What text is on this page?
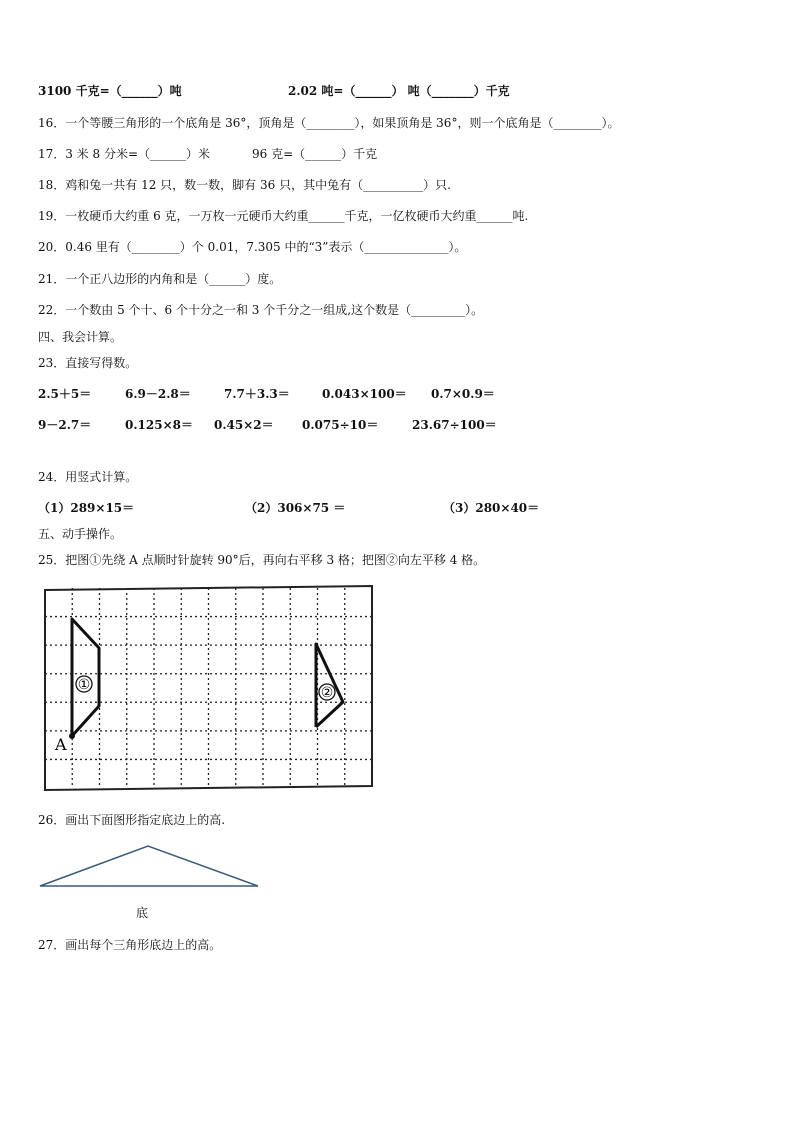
3100 千克=（______）吨	2.02 吨=（______） 吨（_______）千克
16．一个等腰三角形的一个底角是 36°，顶角是（________），如果顶角是 36°，则一个底角是（________）。
17．3 米 8 分米=（______）米	96 克=（______）千克
18．鸡和兔一共有 12 只，数一数，脚有 36 只，其中兔有（__________）只.
19．一枚硬币大约重 6 克，一万枚一元硬币大约重______千克，一亿枚硬币大约重______吨.
20．0.46 里有（________）个 0.01，7.305 中的“3”表示（______________）。
21．一个正八边形的内角和是（______）度。
22．一个数由 5 个十、6 个十分之一和 3 个千分之一组成,这个数是（_________）。
四、我会计算。
23．直接写得数。
2.5＋5＝	6.9－2.8＝	7.7＋3.3＝	0.043×100＝ 0.7×0.9＝
9－2.7＝	0.125×8＝ 0.45×2＝ 0.075÷10＝	23.67÷100＝
24．用竖式计算。
（1）289×15＝	（2）306×75 ＝	（3）280×40＝
五、动手操作。
25．把图①先绕 A 点顺时针旋转 90°后，再向右平移 3 格；把图②向左平移 4 格。
①	②
A
26．画出下面图形指定底边上的高.
底
27．画出每个三角形底边上的高。
